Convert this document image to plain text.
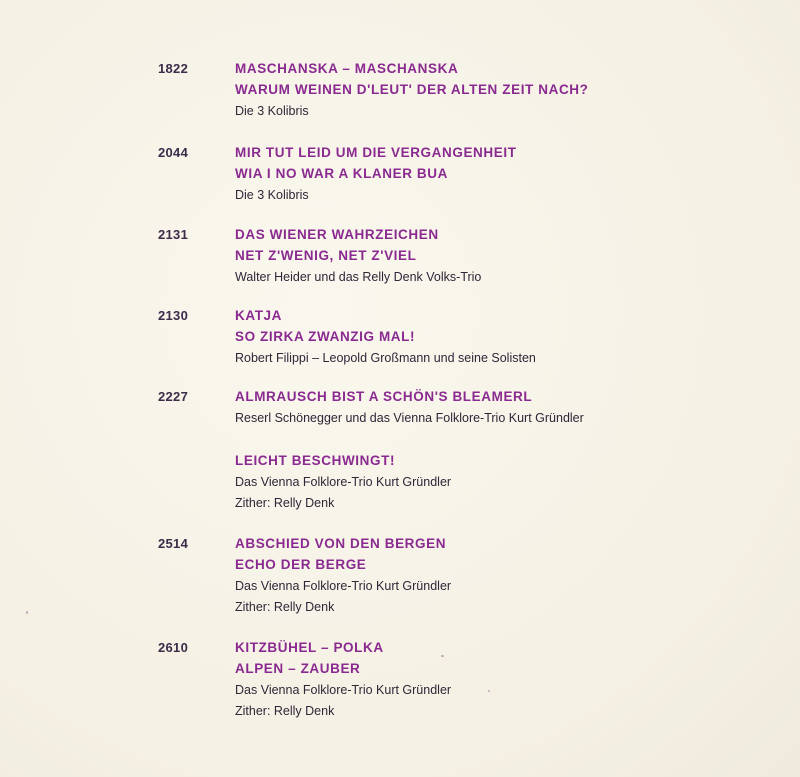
1822	MASCHANSKA – MASCHANSKA
WARUM WEINEN D'LEUT' DER ALTEN ZEIT NACH?
Die 3 Kolibris
2044	MIR TUT LEID UM DIE VERGANGENHEIT
WIA I NO WAR A KLANER BUA
Die 3 Kolibris
2131	DAS WIENER WAHRZEICHEN
NET Z'WENIG, NET Z'VIEL
Walter Heider und das Relly Denk Volks-Trio
2130	KATJA
SO ZIRKA ZWANZIG MAL!
Robert Filippi – Leopold Großmann und seine Solisten
2227	ALMRAUSCH BIST A SCHÖN'S BLEAMERL
Reserl Schönegger und das Vienna Folklore-Trio Kurt Gründler
LEICHT BESCHWINGT!
Das Vienna Folklore-Trio Kurt Gründler
Zither: Relly Denk
2514	ABSCHIED VON DEN BERGEN
ECHO DER BERGE
Das Vienna Folklore-Trio Kurt Gründler
Zither: Relly Denk
2610	KITZBÜHEL – POLKA
ALPEN – ZAUBER
Das Vienna Folklore-Trio Kurt Gründler
Zither: Relly Denk
